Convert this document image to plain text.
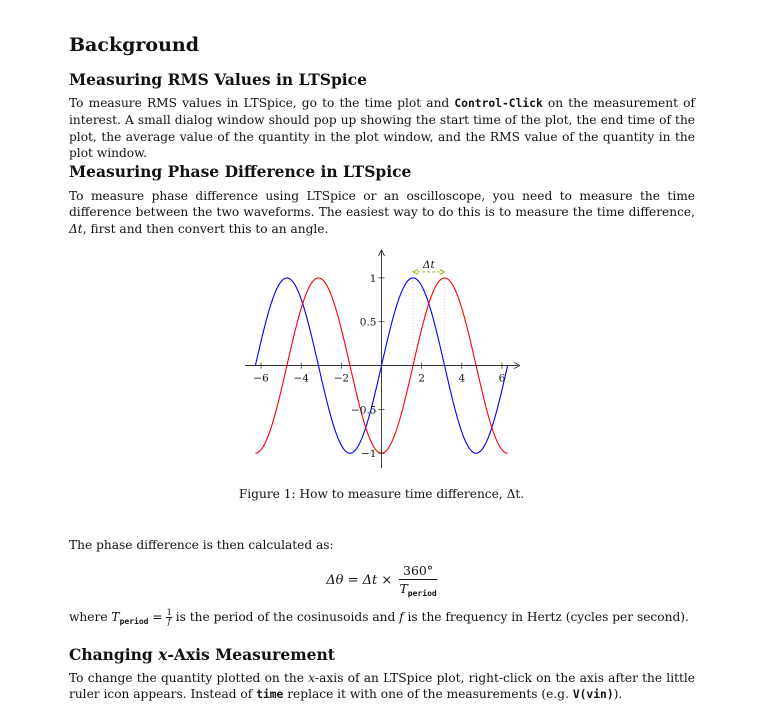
Background
Measuring RMS Values in LTSpice

To measure RMS values in LTSpice, go to the time plot and Control-Click on the measurement of interest. A small dialog window should pop up showing the start time of the plot, the end time of the plot, the average value of the quantity in the plot window, and the RMS value of the quantity in the plot window.

Measuring Phase Difference in LTSpice

To measure phase difference using LTSpice or an oscilloscope, you need to measure the time difference between the two waveforms. The easiest way to do this is to measure the time difference, Δt, first and then convert this to an angle.

−6 −4 −2	2	4	6
1
0.5
−0.5
−1
Δt
Figure 1: How to measure time difference, Δt.

The phase difference is then calculated as:

$\Delta\theta = \Delta t \times \frac{360^\circ}{T_{period}}$

where $T_{period} = \frac{1}{f}$ is the period of the cosinusoids and f is the frequency in Hertz (cycles per second).

Changing x-Axis Measurement

To change the quantity plotted on the x-axis of an LTSpice plot, right-click on the axis after the little ruler icon appears. Instead of time replace it with one of the measurements (e.g. V(vin)).
